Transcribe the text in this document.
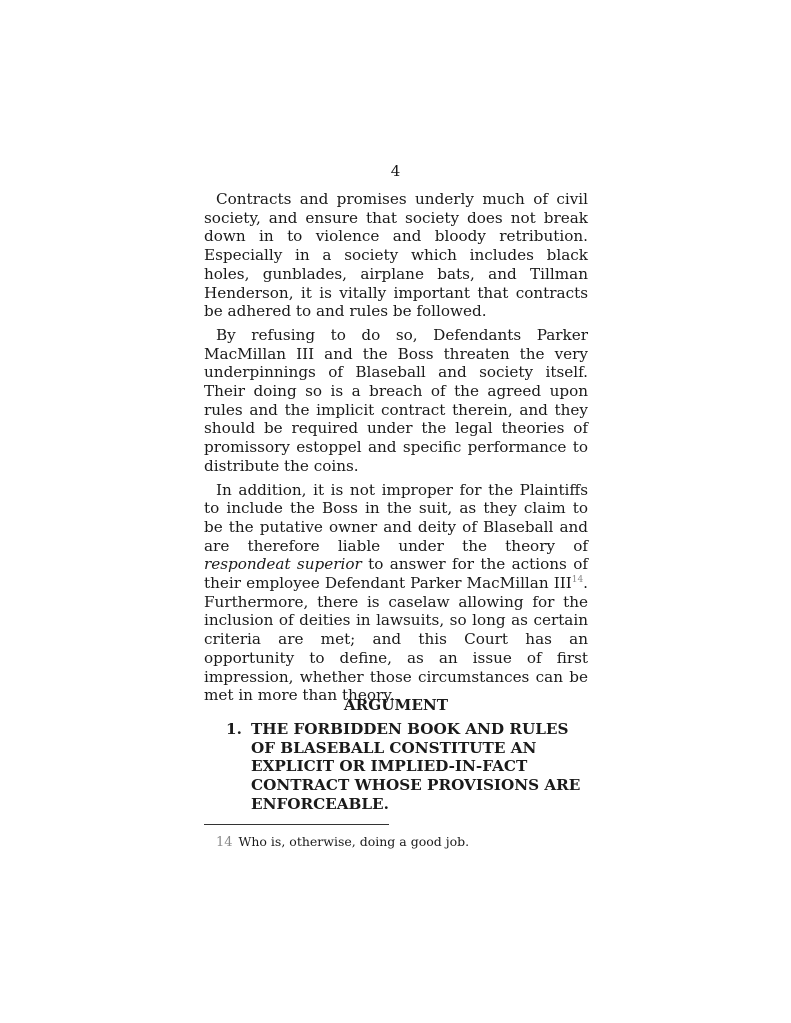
4

Contracts and promises underly much of civil society, and ensure that society does not break down in to violence and bloody retribution. Especially in a society which includes black holes, gunblades, airplane bats, and Tillman Henderson, it is vitally important that contracts be adhered to and rules be followed.

By refusing to do so, Defendants Parker MacMillan III and the Boss threaten the very underpinnings of Blaseball and society itself. Their doing so is a breach of the agreed upon rules and the implicit contract therein, and they should be required under the legal theories of promissory estoppel and specific performance to distribute the coins.

In addition, it is not improper for the Plaintiffs to include the Boss in the suit, as they claim to be the putative owner and deity of Blaseball and are therefore liable under the theory of respondeat superior to answer for the actions of their employee Defendant Parker MacMillan III$^{14}$. Furthermore, there is caselaw allowing for the inclusion of deities in lawsuits, so long as certain criteria are met; and this Court has an opportunity to define, as an issue of first impression, whether those circumstances can be met in more than theory.

ARGUMENT
1. THE FORBIDDEN BOOK AND RULES OF BLASEBALL CONSTITUTE AN EXPLICIT OR IMPLIED-IN-FACT CONTRACT WHOSE PROVISIONS ARE ENFORCEABLE.
14 Who is, otherwise, doing a good job.
